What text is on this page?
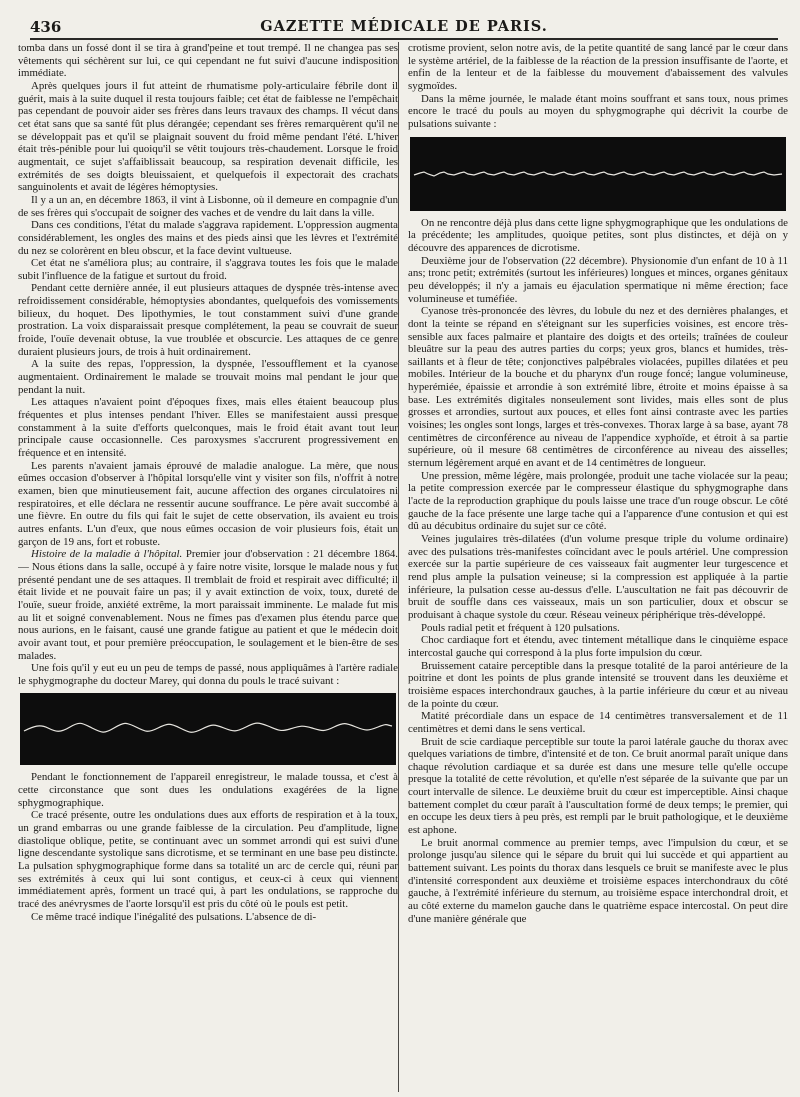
436	GAZETTE MÉDICALE DE PARIS.

tomba dans un fossé dont il se tira à grand'peine et tout trempé. Il ne changea pas ses vêtements qui séchèrent sur lui, ce qui cependant ne fut suivi d'aucune indisposition immédiate.

Après quelques jours il fut atteint de rhumatisme poly-articulaire fébrile dont il guérit, mais à la suite duquel il resta toujours faible; cet état de faiblesse ne l'empêchait pas cependant de pouvoir aider ses frères dans leurs travaux des champs. Il vécut dans cet état sans que sa santé fût plus dérangée; cependant ses frères remarquèrent qu'il ne se développait pas et qu'il se plaignait souvent du froid même pendant l'été. L'hiver était très-pénible pour lui quoiqu'il se vêtit toujours très-chaudement. Lorsque le froid augmentait, ce sujet s'affaiblissait beaucoup, sa respiration devenait difficile, les extrémités de ses doigts bleuissaient, et quelquefois il expectorait des crachats sanguinolents et avait de légères hémoptysies.

Il y a un an, en décembre 1863, il vint à Lisbonne, où il demeure en compagnie d'un de ses frères qui s'occupait de soigner des vaches et de vendre du lait dans la ville.

Dans ces conditions, l'état du malade s'aggrava rapidement. L'oppression augmenta considérablement, les ongles des mains et des pieds ainsi que les lèvres et l'extrémité du nez se colorèrent en bleu obscur, et la face devint vultueuse.

Cet état ne s'améliora plus; au contraire, il s'aggrava toutes les fois que le malade subit l'influence de la fatigue et surtout du froid.

Pendant cette dernière année, il eut plusieurs attaques de dyspnée très-intense avec refroidissement considérable, hémoptysies abondantes, quelquefois des vomissements bilieux, du hoquet. Des lipothymies, le tout constamment suivi d'une grande prostration. La voix disparaissait presque complétement, la peau se couvrait de sueur froide, l'ouïe devenait obtuse, la vue troublée et obscurcie. Les attaques de ce genre duraient plusieurs jours, de trois à huit ordinairement.

A la suite des repas, l'oppression, la dyspnée, l'essoufflement et la cyanose augmentaient. Ordinairement le malade se trouvait moins mal pendant le jour que pendant la nuit.

Les attaques n'avaient point d'époques fixes, mais elles étaient beaucoup plus fréquentes et plus intenses pendant l'hiver. Elles se manifestaient aussi presque constamment à la suite d'efforts quelconques, mais le froid était avant tout leur principale cause occasionnelle. Ces paroxysmes s'accrurent progressivement en fréquence et en intensité.

Les parents n'avaient jamais éprouvé de maladie analogue. La mère, que nous eûmes occasion d'observer à l'hôpital lorsqu'elle vint y visiter son fils, n'offrit à notre examen, bien que minutieusement fait, aucune affection des organes circulatoires ni respiratoires, et elle déclara ne ressentir aucune souffrance. Le père avait succombé à une fièvre. En outre du fils qui fait le sujet de cette observation, ils avaient eu trois autres enfants. L'un d'eux, que nous eûmes occasion de voir plusieurs fois, était un garçon de 19 ans, fort et robuste.

Histoire de la maladie à l'hôpital. Premier jour d'observation : 21 décembre 1864. — Nous étions dans la salle, occupé à y faire notre visite, lorsque le malade nous y fut présenté pendant une de ses attaques. Il tremblait de froid et respirait avec difficulté; il était livide et ne pouvait faire un pas; il y avait extinction de voix, toux, dureté de l'ouïe, sueur froide, anxiété extrême, la mort paraissait imminente. Le malade fut mis au lit et soigné convenablement. Nous ne fîmes pas d'examen plus étendu parce que nous aurions, en le faisant, causé une grande fatigue au patient et que le médecin doit avoir avant tout, et pour première préoccupation, le soulagement et le bien-être de ses malades.

Une fois qu'il y eut eu un peu de temps de passé, nous appliquâmes à l'artère radiale le sphygmographe du docteur Marey, qui donna du pouls le tracé suivant :

Pendant le fonctionnement de l'appareil enregistreur, le malade toussa, et c'est à cette circonstance que sont dues les ondulations exagérées de la ligne sphygmographique.

Ce tracé présente, outre les ondulations dues aux efforts de respiration et à la toux, un grand embarras ou une grande faiblesse de la circulation. Peu d'amplitude, ligne diastolique oblique, petite, se continuant avec un sommet arrondi qui est suivi d'une ligne descendante systolique sans dicrotisme, et se terminant en une base peu distincte. La pulsation sphygmographique forme dans sa totalité un arc de cercle qui, réuni par ses extrémités à ceux qui lui sont contigus, et ceux-ci à ceux qui viennent immédiatement après, forment un tracé qui, à part les ondulations, se rapproche du tracé des anévrysmes de l'aorte lorsqu'il est pris du côté où le pouls est petit.

Ce même tracé indique l'inégalité des pulsations. L'absence de di-

crotisme provient, selon notre avis, de la petite quantité de sang lancé par le cœur dans le système artériel, de la faiblesse de la réaction de la pression insuffisante de l'aorte, et enfin de la lenteur et de la faiblesse du mouvement d'abaissement des valvules sygmoïdes.

Dans la même journée, le malade étant moins souffrant et sans toux, nous primes encore le tracé du pouls au moyen du sphygmographe qui décrivit la courbe de pulsations suivante :

On ne rencontre déjà plus dans cette ligne sphygmographique que les ondulations de la précédente; les amplitudes, quoique petites, sont plus distinctes, et déjà on y découvre des apparences de dicrotisme.

Deuxième jour de l'observation (22 décembre). Physionomie d'un enfant de 10 à 11 ans; tronc petit; extrémités (surtout les inférieures) longues et minces, organes génitaux peu développés; il n'y a jamais eu éjaculation spermatique ni même érection; face volumineuse et tuméfiée.

Cyanose très-prononcée des lèvres, du lobule du nez et des dernières phalanges, et dont la teinte se répand en s'éteignant sur les superficies voisines, est encore très-sensible aux faces palmaire et plantaire des doigts et des orteils; traînées de couleur bleuâtre sur la peau des autres parties du corps; yeux gros, blancs et humides, très-saillants et à fleur de tête; conjonctives palpébrales violacées, pupilles dilatées et peu mobiles. Intérieur de la bouche et du pharynx d'un rouge foncé; langue volumineuse, hyperémiée, épaissie et arrondie à son extrémité libre, étroite et moins épaisse à sa base. Les extrémités digitales nonseulement sont livides, mais elles sont de plus grosses et arrondies, surtout aux pouces, et elles font ainsi contraste avec les parties voisines; les ongles sont longs, larges et très-convexes. Thorax large à sa base, ayant 78 centimètres de circonférence au niveau de l'appendice xyphoïde, et étroit à sa partie supérieure, où il mesure 68 centimètres de circonférence au niveau des aisselles; sternum légèrement arqué en avant et de 14 centimètres de longueur.

Une pression, même légère, mais prolongée, produit une tache violacée sur la peau; la petite compression exercée par le compresseur élastique du sphygmographe dans l'acte de la reproduction graphique du pouls laisse une trace d'un rouge obscur. Le côté gauche de la face présente une large tache qui a l'apparence d'une contusion et qui est dû au décubitus ordinaire du sujet sur ce côté.

Veines jugulaires très-dilatées (d'un volume presque triple du volume ordinaire) avec des pulsations très-manifestes coïncidant avec le pouls artériel. Une compression exercée sur la partie supérieure de ces vaisseaux fait augmenter leur turgescence et rend plus ample la pulsation veineuse; si la compression est appliquée à la partie inférieure, la pulsation cesse au-dessus d'elle. L'auscultation ne fait pas découvrir de bruit de souffle dans ces vaisseaux, mais un son particulier, doux et obscur se produisant à chaque systole du cœur. Réseau veineux périphérique très-développé.

Pouls radial petit et fréquent à 120 pulsations.

Choc cardiaque fort et étendu, avec tintement métallique dans le cinquième espace intercostal gauche qui correspond à la plus forte impulsion du cœur.

Bruissement cataire perceptible dans la presque totalité de la paroi antérieure de la poitrine et dont les points de plus grande intensité se trouvent dans les deuxième et troisième espaces interchondraux gauches, à la partie inférieure du cœur et au niveau de la pointe du cœur.

Matité précordiale dans un espace de 14 centimètres transversalement et de 11 centimètres et demi dans le sens vertical.

Bruit de scie cardiaque perceptible sur toute la paroi latérale gauche du thorax avec quelques variations de timbre, d'intensité et de ton. Ce bruit anormal paraît unique dans chaque révolution cardiaque et sa durée est dans une mesure telle qu'elle occupe presque la totalité de cette révolution, et qu'elle n'est séparée de la suivante que par un court intervalle de silence. Le deuxième bruit du cœur est imperceptible. Ainsi chaque battement complet du cœur paraît à l'auscultation formé de deux temps; le premier, qui en occupe les deux tiers à peu près, est rempli par le bruit pathologique, et le deuxième est aphone.

Le bruit anormal commence au premier temps, avec l'impulsion du cœur, et se prolonge jusqu'au silence qui le sépare du bruit qui lui succède et qui appartient au battement suivant. Les points du thorax dans lesquels ce bruit se manifeste avec le plus d'intensité correspondent aux deuxième et troisième espaces interchondraux du côté gauche, à l'extrémité inférieure du sternum, au troisième espace interchondral droit, et au côté externe du mamelon gauche dans le quatrième espace intercostal. On peut dire d'une manière générale que
